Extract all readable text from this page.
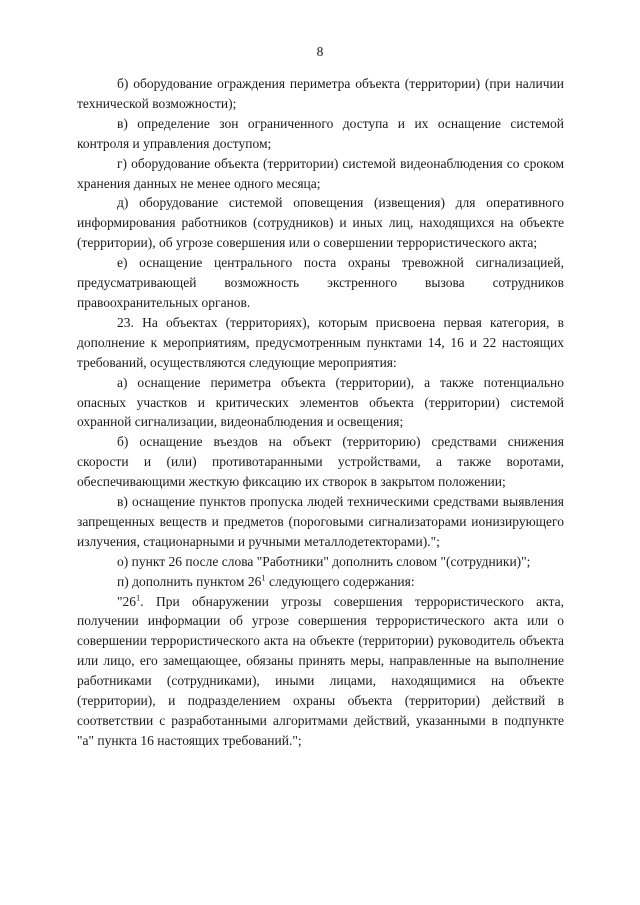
8

б) оборудование ограждения периметра объекта (территории) (при наличии технической возможности);

в) определение зон ограниченного доступа и их оснащение системой контроля и управления доступом;

г) оборудование объекта (территории) системой видеонаблюдения со сроком хранения данных не менее одного месяца;

д) оборудование системой оповещения (извещения) для оперативного информирования работников (сотрудников) и иных лиц, находящихся на объекте (территории), об угрозе совершения или о совершении террористического акта;

е) оснащение центрального поста охраны тревожной сигнализацией, предусматривающей возможность экстренного вызова сотрудников правоохранительных органов.

23. На объектах (территориях), которым присвоена первая категория, в дополнение к мероприятиям, предусмотренным пунктами 14, 16 и 22 настоящих требований, осуществляются следующие мероприятия:

а) оснащение периметра объекта (территории), а также потенциально опасных участков и критических элементов объекта (территории) системой охранной сигнализации, видеонаблюдения и освещения;

б) оснащение въездов на объект (территорию) средствами снижения скорости и (или) противотаранными устройствами, а также воротами, обеспечивающими жесткую фиксацию их створок в закрытом положении;

в) оснащение пунктов пропуска людей техническими средствами выявления запрещенных веществ и предметов (пороговыми сигнализаторами ионизирующего излучения, стационарными и ручными металлодетекторами).";

о) пункт 26 после слова "Работники" дополнить словом "(сотрудники)";

п) дополнить пунктом $26^1$ следующего содержания:

"$26^1$. При обнаружении угрозы совершения террористического акта, получении информации об угрозе совершения террористического акта или о совершении террористического акта на объекте (территории) руководитель объекта или лицо, его замещающее, обязаны принять меры, направленные на выполнение работниками (сотрудниками), иными лицами, находящимися на объекте (территории), и подразделением охраны объекта (территории) действий в соответствии с разработанными алгоритмами действий, указанными в подпункте "а" пункта 16 настоящих требований.";
